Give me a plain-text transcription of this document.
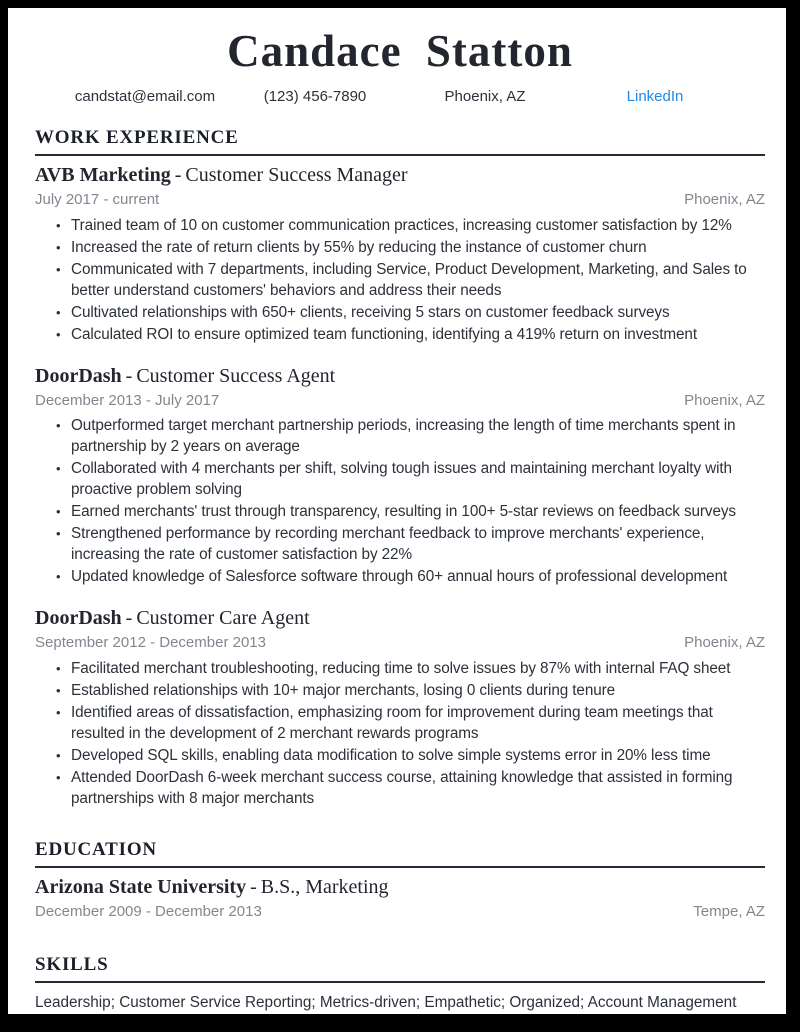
Candace Statton
candstat@email.com	(123) 456-7890	Phoenix, AZ	LinkedIn
WORK EXPERIENCE
AVB Marketing - Customer Success Manager
July 2017 - current	Phoenix, AZ
• Trained team of 10 on customer communication practices, increasing customer satisfaction by 12%
• Increased the rate of return clients by 55% by reducing the instance of customer churn
• Communicated with 7 departments, including Service, Product Development, Marketing, and Sales to better understand customers' behaviors and address their needs
• Cultivated relationships with 650+ clients, receiving 5 stars on customer feedback surveys
• Calculated ROI to ensure optimized team functioning, identifying a 419% return on investment
DoorDash - Customer Success Agent
December 2013 - July 2017	Phoenix, AZ
• Outperformed target merchant partnership periods, increasing the length of time merchants spent in partnership by 2 years on average
• Collaborated with 4 merchants per shift, solving tough issues and maintaining merchant loyalty with proactive problem solving
• Earned merchants' trust through transparency, resulting in 100+ 5-star reviews on feedback surveys
• Strengthened performance by recording merchant feedback to improve merchants' experience, increasing the rate of customer satisfaction by 22%
• Updated knowledge of Salesforce software through 60+ annual hours of professional development
DoorDash - Customer Care Agent
September 2012 - December 2013	Phoenix, AZ
• Facilitated merchant troubleshooting, reducing time to solve issues by 87% with internal FAQ sheet
• Established relationships with 10+ major merchants, losing 0 clients during tenure
• Identified areas of dissatisfaction, emphasizing room for improvement during team meetings that resulted in the development of 2 merchant rewards programs
• Developed SQL skills, enabling data modification to solve simple systems error in 20% less time
• Attended DoorDash 6-week merchant success course, attaining knowledge that assisted in forming partnerships with 8 major merchants
EDUCATION
Arizona State University - B.S., Marketing
December 2009 - December 2013	Tempe, AZ
SKILLS

Leadership; Customer Service Reporting; Metrics-driven; Empathetic; Organized; Account Management
